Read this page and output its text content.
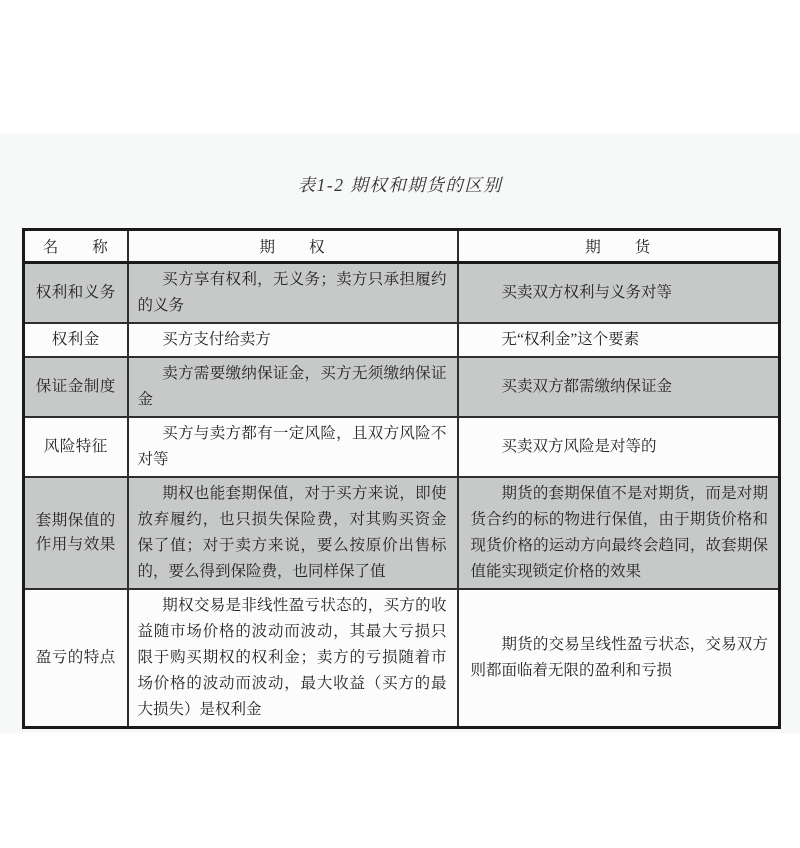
表1-2 期权和期货的区别
名　　称	期　　权	期　　货
权利和义务	买方享有权利，无义务；卖方只承担履约的义务	买卖双方权利与义务对等

权利金	买方支付给卖方	无“权利金”这个要素

保证金制度	卖方需要缴纳保证金，买方无须缴纳保证金	买卖双方都需缴纳保证金

风险特征	买方与卖方都有一定风险，且双方风险不对等	买卖双方风险是对等的

套期保值的作用与效果	期权也能套期保值，对于买方来说，即使放弃履约，也只损失保险费，对其购买资金保了值；对于卖方来说，要么按原价出售标的，要么得到保险费，也同样保了值	期货的套期保值不是对期货，而是对期货合约的标的物进行保值，由于期货价格和现货价格的运动方向最终会趋同，故套期保值能实现锁定价格的效果

盈亏的特点	期权交易是非线性盈亏状态的，买方的收益随市场价格的波动而波动，其最大亏损只限于购买期权的权利金；卖方的亏损随着市场价格的波动而波动，最大收益（买方的最大损失）是权利金	期货的交易呈线性盈亏状态，交易双方则都面临着无限的盈利和亏损
